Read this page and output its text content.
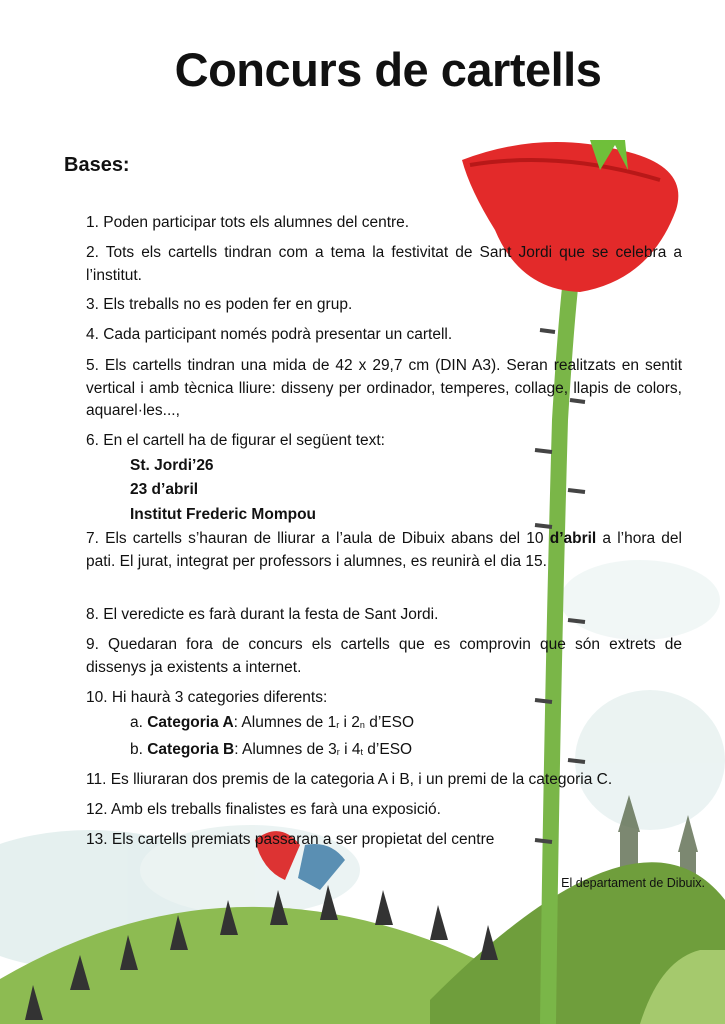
Concurs de cartells
Bases:
1. Poden participar tots els alumnes del centre.
2. Tots els cartells tindran com a tema la festivitat de Sant Jordi que se celebra a l’institut.
3. Els treballs no es poden fer en grup.
4. Cada participant només podrà presentar un cartell.
5. Els cartells tindran una mida de 42 x 29,7 cm (DIN A3). Seran realitzats en sentit vertical i amb tècnica lliure: disseny per ordinador, temperes, collage, llapis de colors, aquarel·les...,
6. En el cartell ha de figurar el següent text:
St. Jordi’26
23 d’abril
Institut Frederic Mompou
7. Els cartells s’hauran de lliurar a l’aula de Dibuix abans del 10 d’abril a l’hora del pati. El jurat, integrat per professors i alumnes, es reunirà el dia 15.
8. El veredicte es farà durant la festa de Sant Jordi.
9. Quedaran fora de concurs els cartells que es comprovin que són extrets de dissenys ja existents a internet.
10. Hi haurà 3 categories diferents:
a. Categoria A: Alumnes de 1r i 2n d’ESO
b. Categoria B: Alumnes de 3r i 4t d’ESO
11. Es lliuraran dos premis de la categoria A i B, i un premi de la categoria C.
12. Amb els treballs finalistes es farà una exposició.
13. Els cartells premiats passaran a ser propietat del centre
El departament de Dibuix.
